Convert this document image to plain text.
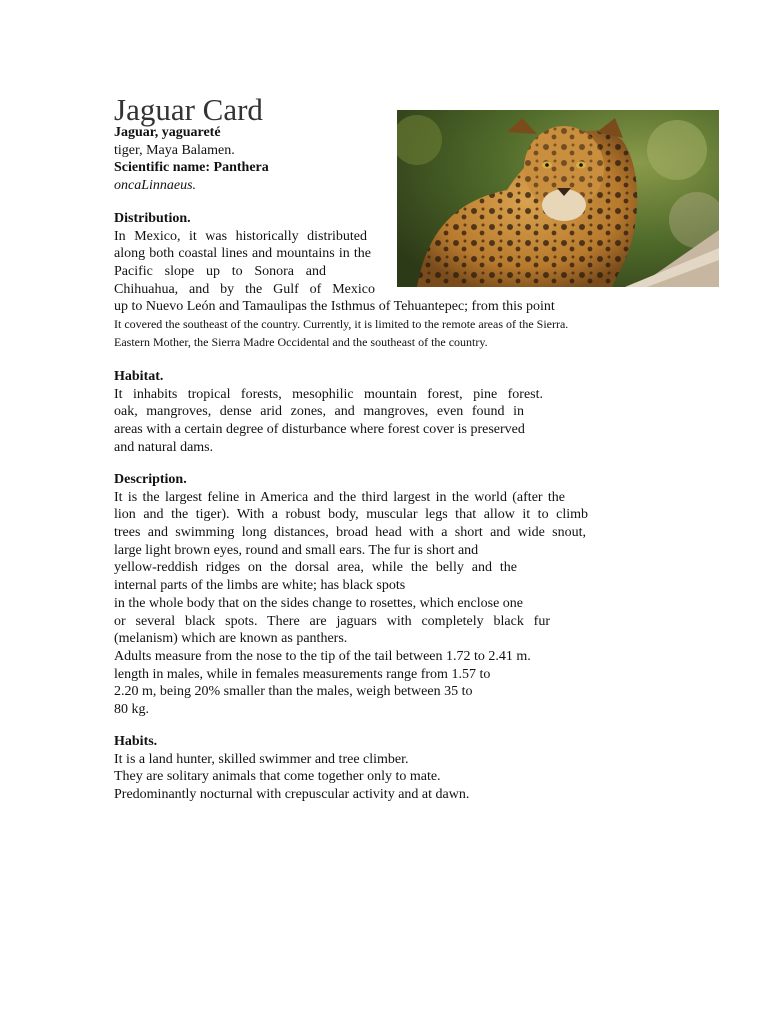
Jaguar Card
Jaguar, yaguareté
tiger, Maya Balamen.
Scientific name: Panthera
oncaLinnaeus.
Distribution.
In Mexico, it was historically distributed
along both coastal lines and mountains in the
Pacific slope up to Sonora and
Chihuahua, and by the Gulf of Mexico
up to Nuevo León and Tamaulipas the Isthmus of Tehuantepec; from this point
It covered the southeast of the country. Currently, it is limited to the remote areas of the Sierra.
Eastern Mother, the Sierra Madre Occidental and the southeast of the country.
Habitat.
It inhabits tropical forests, mesophilic mountain forest, pine forest.
oak, mangroves, dense arid zones, and mangroves, even found in
areas with a certain degree of disturbance where forest cover is preserved
and natural dams.
Description.
It is the largest feline in America and the third largest in the world (after the
lion and the tiger). With a robust body, muscular legs that allow it to climb
trees and swimming long distances, broad head with a short and wide snout,
large light brown eyes, round and small ears. The fur is short and
yellow-reddish ridges on the dorsal area, while the belly and the
internal parts of the limbs are white; has black spots
in the whole body that on the sides change to rosettes, which enclose one
or several black spots. There are jaguars with completely black fur
(melanism) which are known as panthers.
Adults measure from the nose to the tip of the tail between 1.72 to 2.41 m.
length in males, while in females measurements range from 1.57 to
2.20 m, being 20% smaller than the males, weigh between 35 to
80 kg.
Habits.
It is a land hunter, skilled swimmer and tree climber.
They are solitary animals that come together only to mate.
Predominantly nocturnal with crepuscular activity and at dawn.
